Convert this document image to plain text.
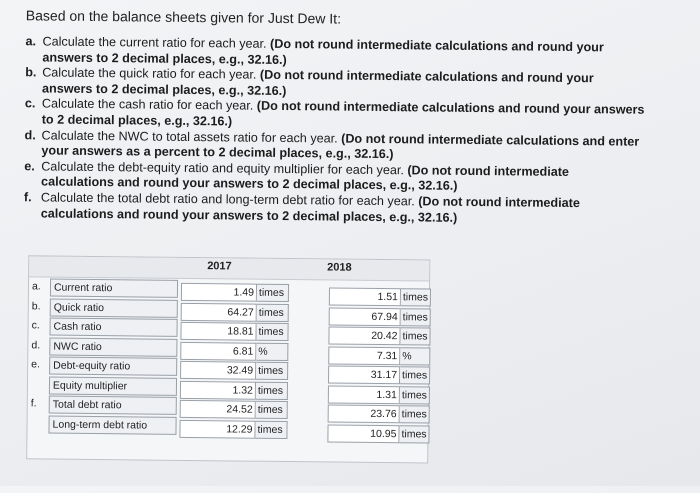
Based on the balance sheets given for Just Dew It:
a. Calculate the current ratio for each year. (Do not round intermediate calculations and round your answers to 2 decimal places, e.g., 32.16.)
b. Calculate the quick ratio for each year. (Do not round intermediate calculations and round your answers to 2 decimal places, e.g., 32.16.)
c. Calculate the cash ratio for each year. (Do not round intermediate calculations and round your answers to 2 decimal places, e.g., 32.16.)
d. Calculate the NWC to total assets ratio for each year. (Do not round intermediate calculations and enter your answers as a percent to 2 decimal places, e.g., 32.16.)
e. Calculate the debt-equity ratio and equity multiplier for each year. (Do not round intermediate calculations and round your answers to 2 decimal places, e.g., 32.16.)
f. Calculate the total debt ratio and long-term debt ratio for each year. (Do not round intermediate calculations and round your answers to 2 decimal places, e.g., 32.16.)
2017	2018
a.	Current ratio	1.49 times	1.51 times
b.	Quick ratio	64.27 times	67.94 times
c.	Cash ratio	18.81 times	20.42 times
d.	NWC ratio	6.81 %	7.31 %
e.	Debt-equity ratio	32.49 times	31.17 times
Equity multiplier	1.32 times	1.31 times
f.	Total debt ratio	24.52 times	23.76 times
Long-term debt ratio	12.29 times	10.95 times
